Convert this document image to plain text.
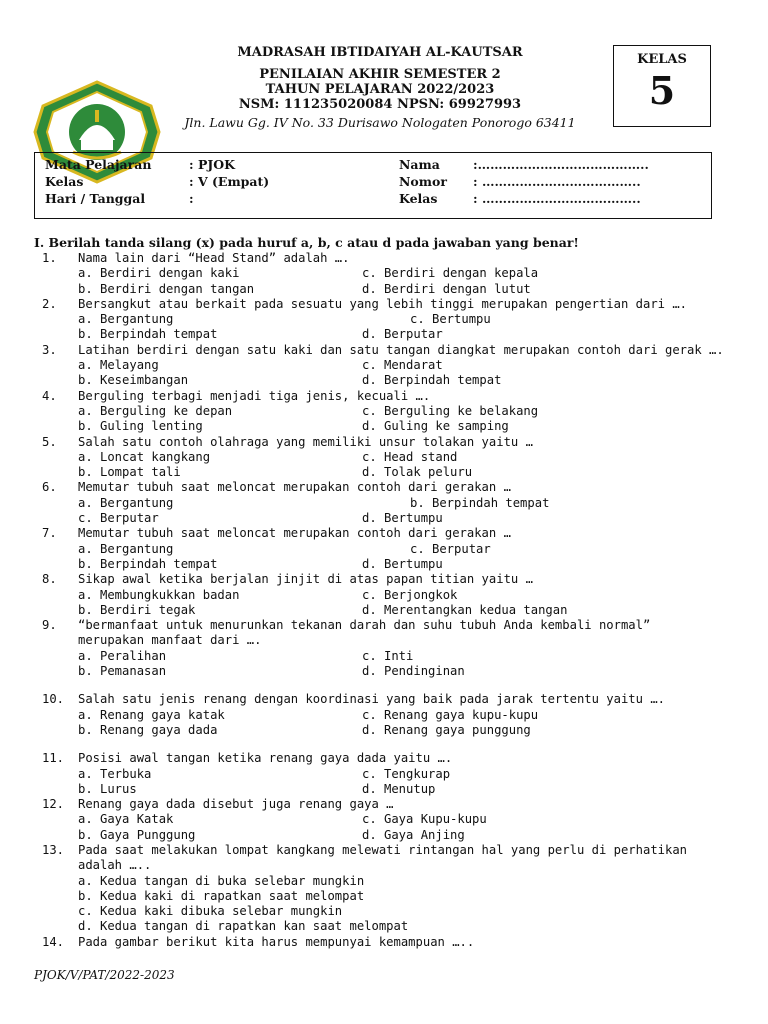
MADRASAH IBTIDAIYAH AL-KAUTSAR
PENILAIAN AKHIR SEMESTER 2
TAHUN PELAJARAN 2022/2023
NSM: 111235020084 NPSN: 69927993
Jln. Lawu Gg. IV No. 33 Durisawo Nologaten Ponorogo 63411
KELAS
5
Mata Pelajaran	: PJOK	Nama	:…………………………………..
Kelas	: V (Empat)	Nomor : ………………………………..
Hari / Tanggal	:	Kelas	: ………………………………..
I. Berilah tanda silang (x) pada huruf a, b, c atau d pada jawaban yang benar!
1. Nama lain dari “Head Stand” adalah ….
a. Berdiri dengan kaki	c. Berdiri dengan kepala
b. Berdiri dengan tangan	d. Berdiri dengan lutut
2. Bersangkut atau berkait pada sesuatu yang lebih tinggi merupakan pengertian dari ….
a. Bergantung	c. Bertumpu
b. Berpindah tempat	d. Berputar
3. Latihan berdiri dengan satu kaki dan satu tangan diangkat merupakan contoh dari gerak ….
a. Melayang	c. Mendarat
b. Keseimbangan	d. Berpindah tempat
4. Berguling terbagi menjadi tiga jenis, kecuali ….
a. Berguling ke depan	c. Berguling ke belakang
b. Guling lenting	d. Guling ke samping
5. Salah satu contoh olahraga yang memiliki unsur tolakan yaitu …
a. Loncat kangkang	c. Head stand
b. Lompat tali	d. Tolak peluru
6. Memutar tubuh saat meloncat merupakan contoh dari gerakan …
a. Bergantung	b. Berpindah tempat
c. Berputar	d. Bertumpu
7. Memutar tubuh saat meloncat merupakan contoh dari gerakan …
a. Bergantung	c. Berputar
b. Berpindah tempat	d. Bertumpu
8. Sikap awal ketika berjalan jinjit di atas papan titian yaitu …
a. Membungkukkan badan	c. Berjongkok
b. Berdiri tegak	d. Merentangkan kedua tangan
9. “bermanfaat untuk menurunkan tekanan darah dan suhu tubuh Anda kembali normal”
merupakan manfaat dari ….
a. Peralihan	c. Inti
b. Pemanasan	d. Pendinginan
10. Salah satu jenis renang dengan koordinasi yang baik pada jarak tertentu yaitu ….
a. Renang gaya katak	c. Renang gaya kupu-kupu
b. Renang gaya dada	d. Renang gaya punggung
11. Posisi awal tangan ketika renang gaya dada yaitu ….
a. Terbuka	c. Tengkurap
b. Lurus	d. Menutup
12. Renang gaya dada disebut juga renang gaya …
a. Gaya Katak	c. Gaya Kupu-kupu
b. Gaya Punggung	d. Gaya Anjing
13. Pada saat melakukan lompat kangkang melewati rintangan hal yang perlu di perhatikan
adalah …..
a. Kedua tangan di buka selebar mungkin
b. Kedua kaki di rapatkan saat melompat
c. Kedua kaki dibuka selebar mungkin
d. Kedua tangan di rapatkan kan saat melompat
14. Pada gambar berikut kita harus mempunyai kemampuan …..
PJOK/V/PAT/2022-2023
